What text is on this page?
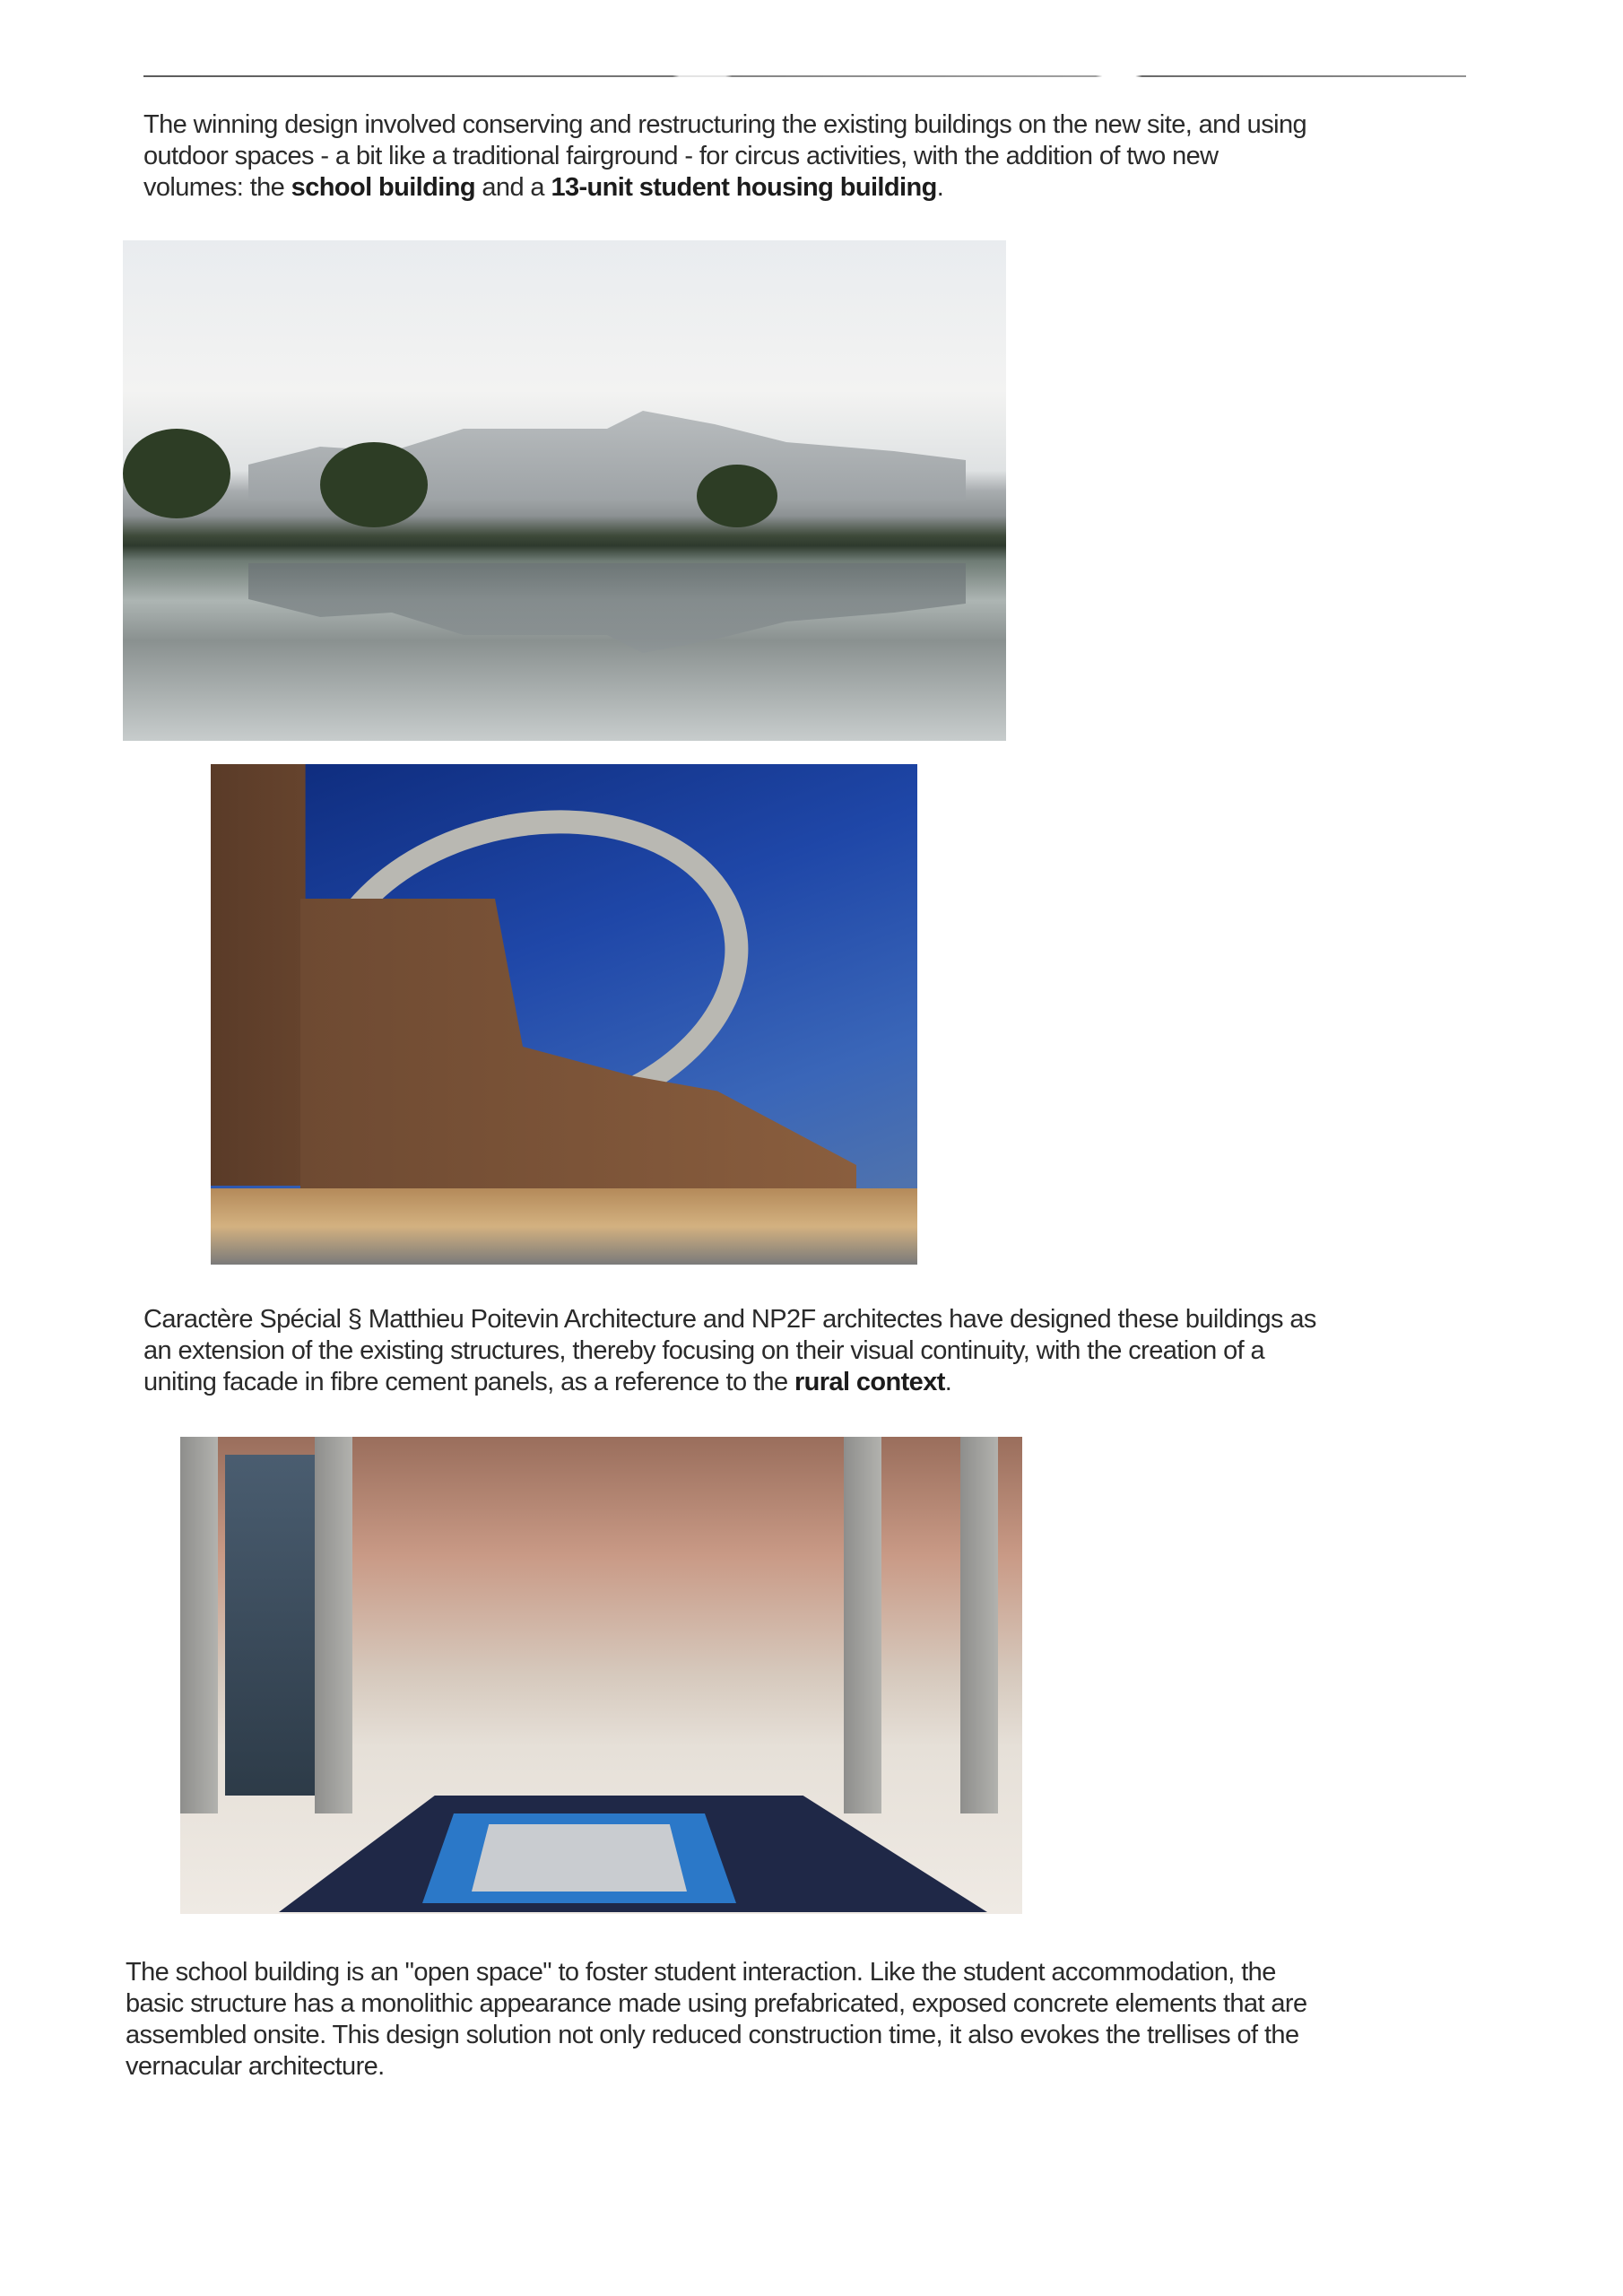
The winning design involved conserving and restructuring the existing buildings on the new site, and using
outdoor spaces - a bit like a traditional fairground - for circus activities, with the addition of two new
volumes: the school building and a 13-unit student housing building.
Caractère Spécial § Matthieu Poitevin Architecture and NP2F architectes have designed these buildings as
an extension of the existing structures, thereby focusing on their visual continuity, with the creation of a
uniting facade in fibre cement panels, as a reference to the rural context.
The school building is an "open space" to foster student interaction. Like the student accommodation, the
basic structure has a monolithic appearance made using prefabricated, exposed concrete elements that are
assembled onsite. This design solution not only reduced construction time, it also evokes the trellises of the
vernacular architecture.
